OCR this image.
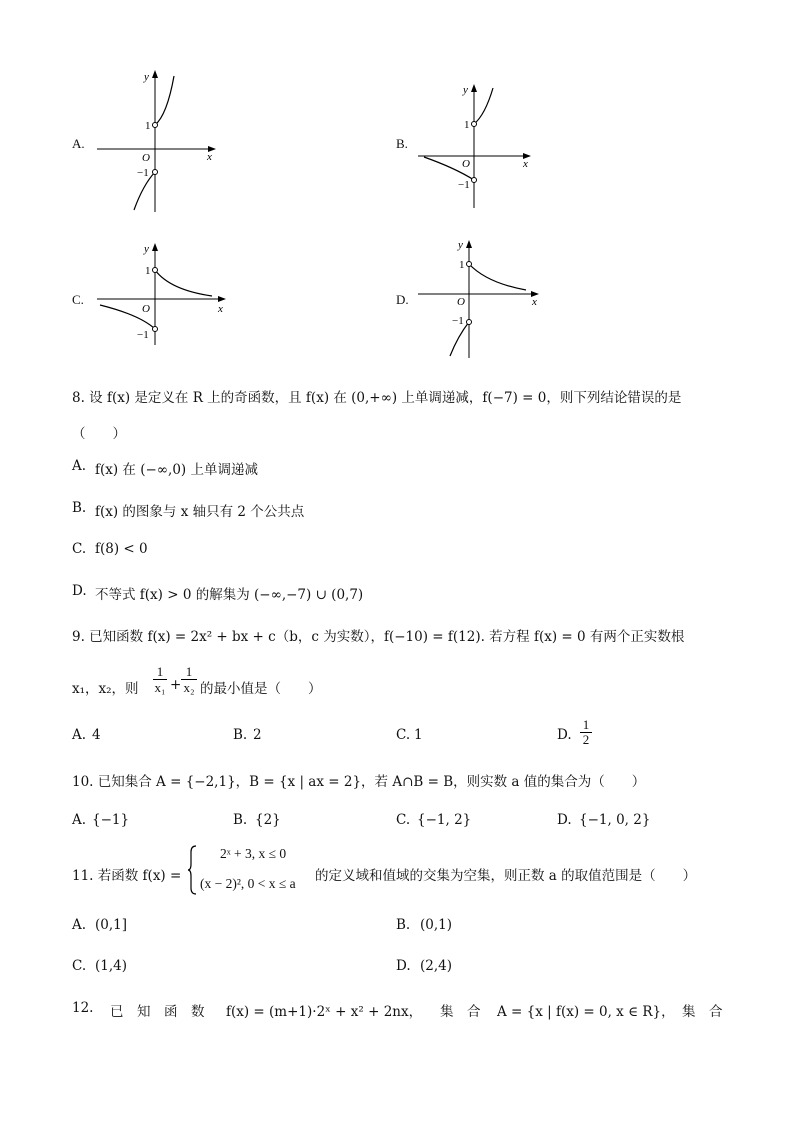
A.
y
x
O
1
−1
B.
y
x
O
1
−1
C.
y
x
O
1
−1
D.
y
x
O
1
−1
8. 设 f(x) 是定义在 R 上的奇函数，且 f(x) 在 (0,+∞) 上单调递减，f(−7) = 0，则下列结论错误的是
（　　）
A. f(x) 在 (−∞,0) 上单调递减
B. f(x) 的图象与 x 轴只有 2 个公共点
C. f(8) < 0
D. 不等式 f(x) > 0 的解集为 (−∞,−7) ∪ (0,7)
9. 已知函数 f(x) = 2x² + bx + c（b，c 为实数），f(−10) = f(12). 若方程 f(x) = 0 有两个正实数根
x₁，x₂，则 $\frac{1}{\text{x₁}} + \frac{1}{\text{x₂}}$ 的最小值是（　　）
A. 4	B. 2	C. 1	D. $\frac{1}{2}$
10. 已知集合 A = {−2,1}，B = {x | ax = 2}，若 A∩B = B，则实数 a 值的集合为（　　）
A. {−1}	B. {2}	C. {−1, 2}	D. {−1, 0, 2}
11. 若函数 f(x) =
2ˣ + 3, x ≤ 0
(x − 2)², 0 < x ≤ a 的定义域和值域的交集为空集，则正数 a 的取值范围是（　　）
A. (0,1]	B. (0,1)
C. (1,4)	D. (2,4)
12. 已　知　函　数 f(x) = (m+1)·2ˣ + x² + 2nx， 集　合 A = {x | f(x) = 0, x ∈ R}， 集　合
